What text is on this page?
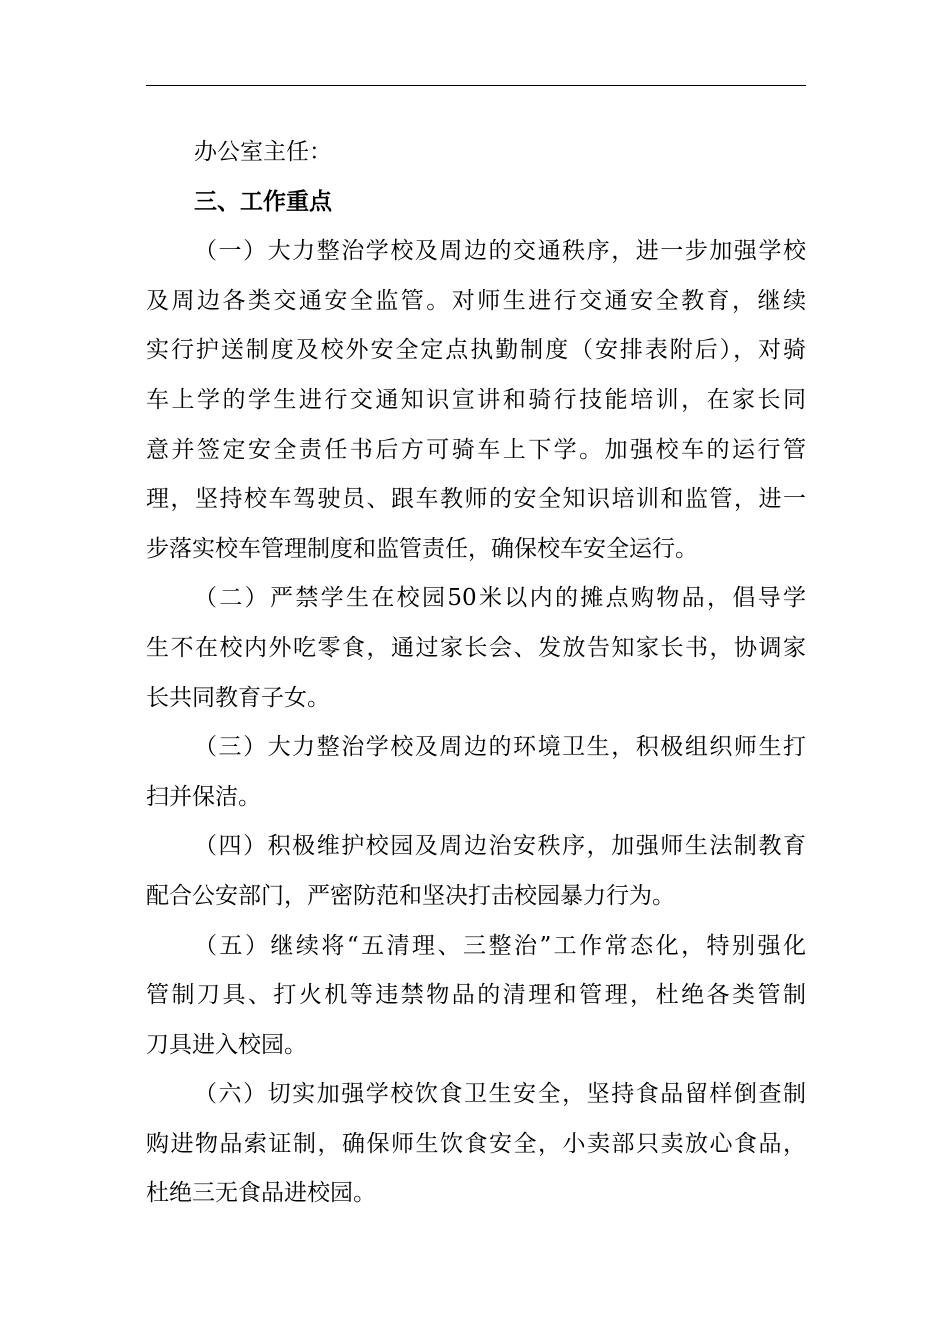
办公室主任：
三、工作重点
（一）大力整治学校及周边的交通秩序，进一步加强学校
及周边各类交通安全监管。对师生进行交通安全教育，继续
实行护送制度及校外安全定点执勤制度（安排表附后），对骑
车上学的学生进行交通知识宣讲和骑行技能培训，在家长同
意并签定安全责任书后方可骑车上下学。加强校车的运行管
理，坚持校车驾驶员、跟车教师的安全知识培训和监管，进一
步落实校车管理制度和监管责任，确保校车安全运行。
（二）严禁学生在校园50米以内的摊点购物品，倡导学
生不在校内外吃零食，通过家长会、发放告知家长书，协调家
长共同教育子女。
（三）大力整治学校及周边的环境卫生，积极组织师生打
扫并保洁。
（四）积极维护校园及周边治安秩序，加强师生法制教育
配合公安部门，严密防范和坚决打击校园暴力行为。
（五）继续将“五清理、三整治”工作常态化，特别强化
管制刀具、打火机等违禁物品的清理和管理，杜绝各类管制
刀具进入校园。
（六）切实加强学校饮食卫生安全，坚持食品留样倒查制
购进物品索证制，确保师生饮食安全，小卖部只卖放心食品，
杜绝三无食品进校园。
